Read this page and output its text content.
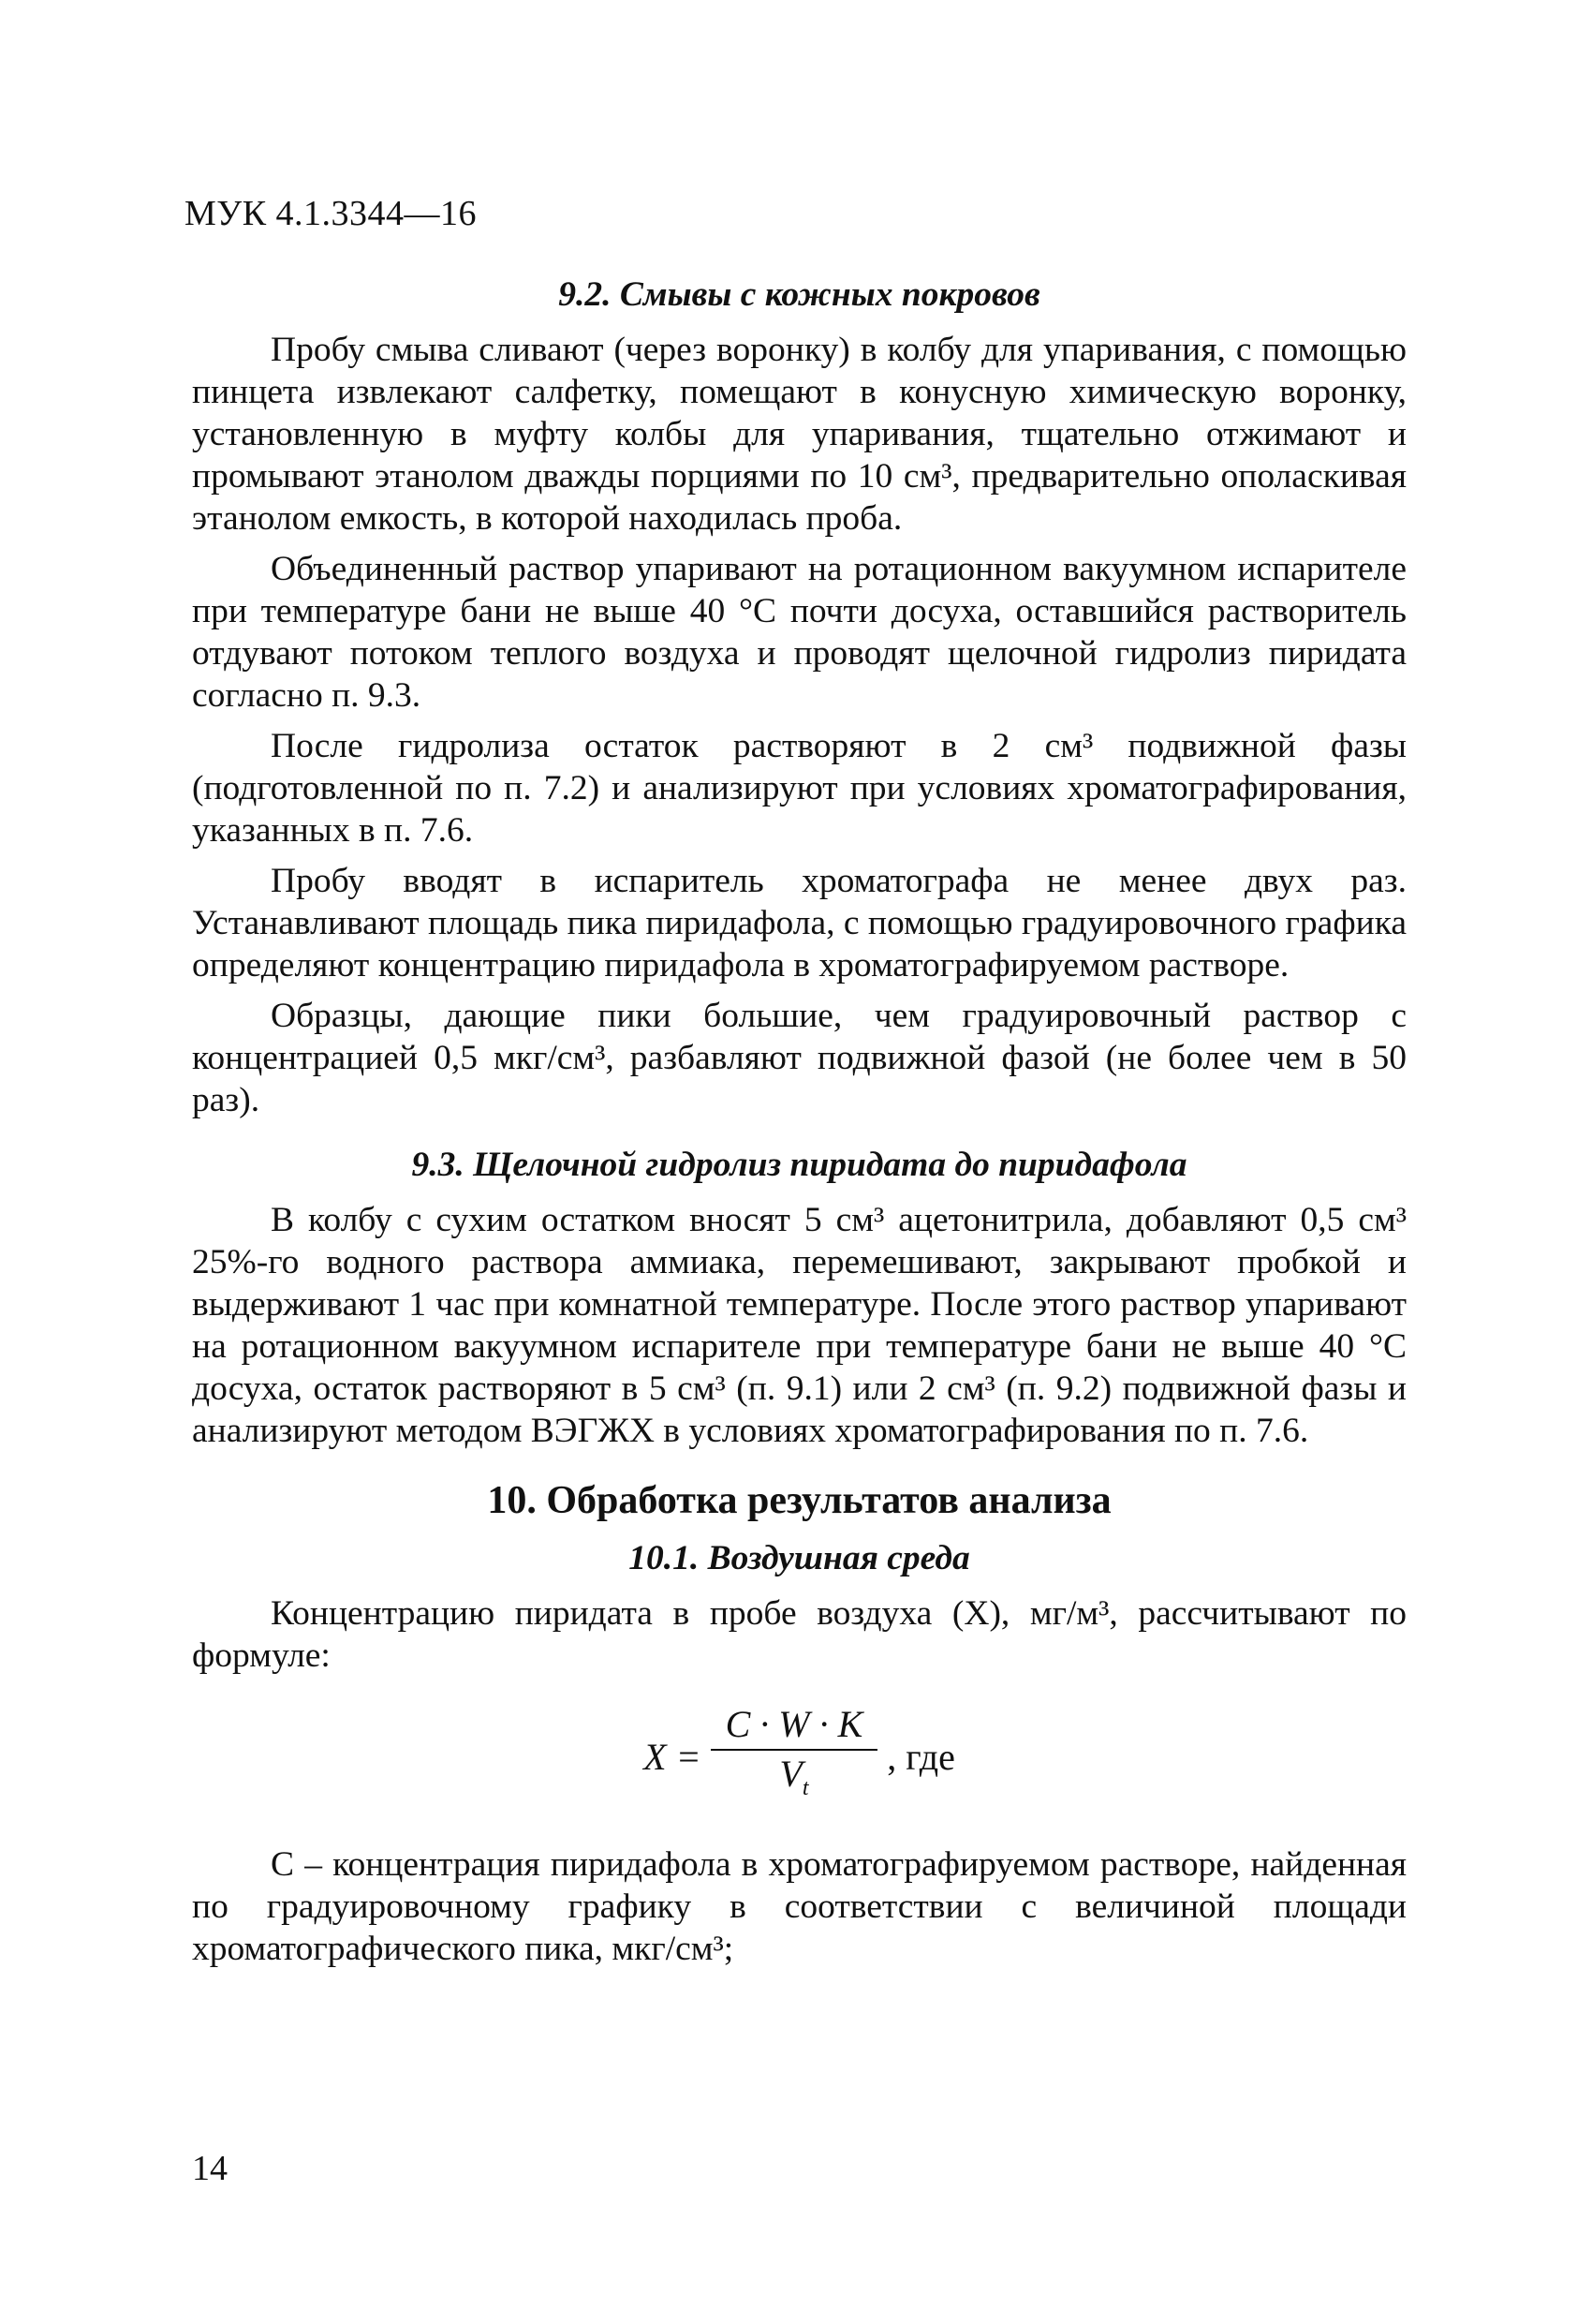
МУК 4.1.3344—16
9.2. Смывы с кожных покровов

Пробу смыва сливают (через воронку) в колбу для упаривания, с помощью пинцета извлекают салфетку, помещают в конусную химическую воронку, установленную в муфту колбы для упаривания, тщательно отжимают и промывают этанолом дважды порциями по 10 см³, предварительно ополаскивая этанолом емкость, в которой находилась проба.

Объединенный раствор упаривают на ротационном вакуумном испарителе при температуре бани не выше 40 °С почти досуха, оставшийся растворитель отдувают потоком теплого воздуха и проводят щелочной гидролиз пиридата согласно п. 9.3.

После гидролиза остаток растворяют в 2 см³ подвижной фазы (подготовленной по п. 7.2) и анализируют при условиях хроматографирования, указанных в п. 7.6.

Пробу вводят в испаритель хроматографа не менее двух раз. Устанавливают площадь пика пиридафола, с помощью градуировочного графика определяют концентрацию пиридафола в хроматографируемом растворе.

Образцы, дающие пики большие, чем градуировочный раствор с концентрацией 0,5 мкг/см³, разбавляют подвижной фазой (не более чем в 50 раз).

9.3. Щелочной гидролиз пиридата до пиридафола

В колбу с сухим остатком вносят 5 см³ ацетонитрила, добавляют 0,5 см³ 25%-го водного раствора аммиака, перемешивают, закрывают пробкой и выдерживают 1 час при комнатной температуре. После этого раствор упаривают на ротационном вакуумном испарителе при температуре бани не выше 40 °С досуха, остаток растворяют в 5 см³ (п. 9.1) или 2 см³ (п. 9.2) подвижной фазы и анализируют методом ВЭГЖХ в условиях хроматографирования по п. 7.6.

10. Обработка результатов анализа
10.1. Воздушная среда

Концентрацию пиридата в пробе воздуха (X), мг/м³, рассчитывают по формуле:

$X = \frac{C \cdot W \cdot K}{V_t}$ , где

C – концентрация пиридафола в хроматографируемом растворе, найденная по градуировочному графику в соответствии с величиной площади хроматографического пика, мкг/см³;

14
